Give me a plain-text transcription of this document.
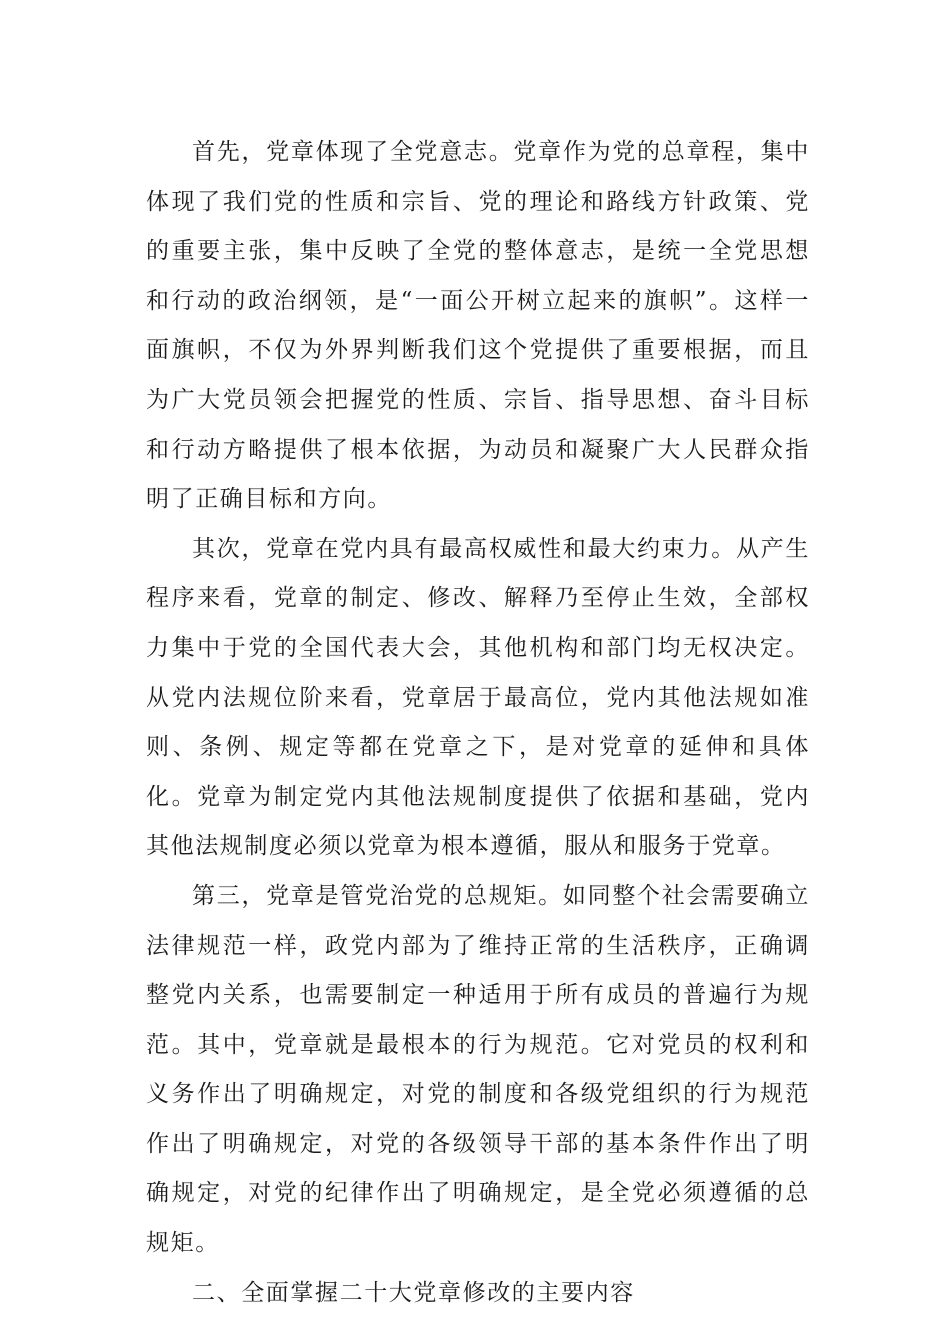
首先，党章体现了全党意志。党章作为党的总章程，集中体现了我们党的性质和宗旨、党的理论和路线方针政策、党的重要主张，集中反映了全党的整体意志，是统一全党思想和行动的政治纲领，是“一面公开树立起来的旗帜”。这样一面旗帜，不仅为外界判断我们这个党提供了重要根据，而且为广大党员领会把握党的性质、宗旨、指导思想、奋斗目标和行动方略提供了根本依据，为动员和凝聚广大人民群众指明了正确目标和方向。

其次，党章在党内具有最高权威性和最大约束力。从产生程序来看，党章的制定、修改、解释乃至停止生效，全部权力集中于党的全国代表大会，其他机构和部门均无权决定。从党内法规位阶来看，党章居于最高位，党内其他法规如准则、条例、规定等都在党章之下，是对党章的延伸和具体化。党章为制定党内其他法规制度提供了依据和基础，党内其他法规制度必须以党章为根本遵循，服从和服务于党章。

第三，党章是管党治党的总规矩。如同整个社会需要确立法律规范一样，政党内部为了维持正常的生活秩序，正确调整党内关系，也需要制定一种适用于所有成员的普遍行为规范。其中，党章就是最根本的行为规范。它对党员的权利和义务作出了明确规定，对党的制度和各级党组织的行为规范作出了明确规定，对党的各级领导干部的基本条件作出了明确规定，对党的纪律作出了明确规定，是全党必须遵循的总规矩。

二、全面掌握二十大党章修改的主要内容
